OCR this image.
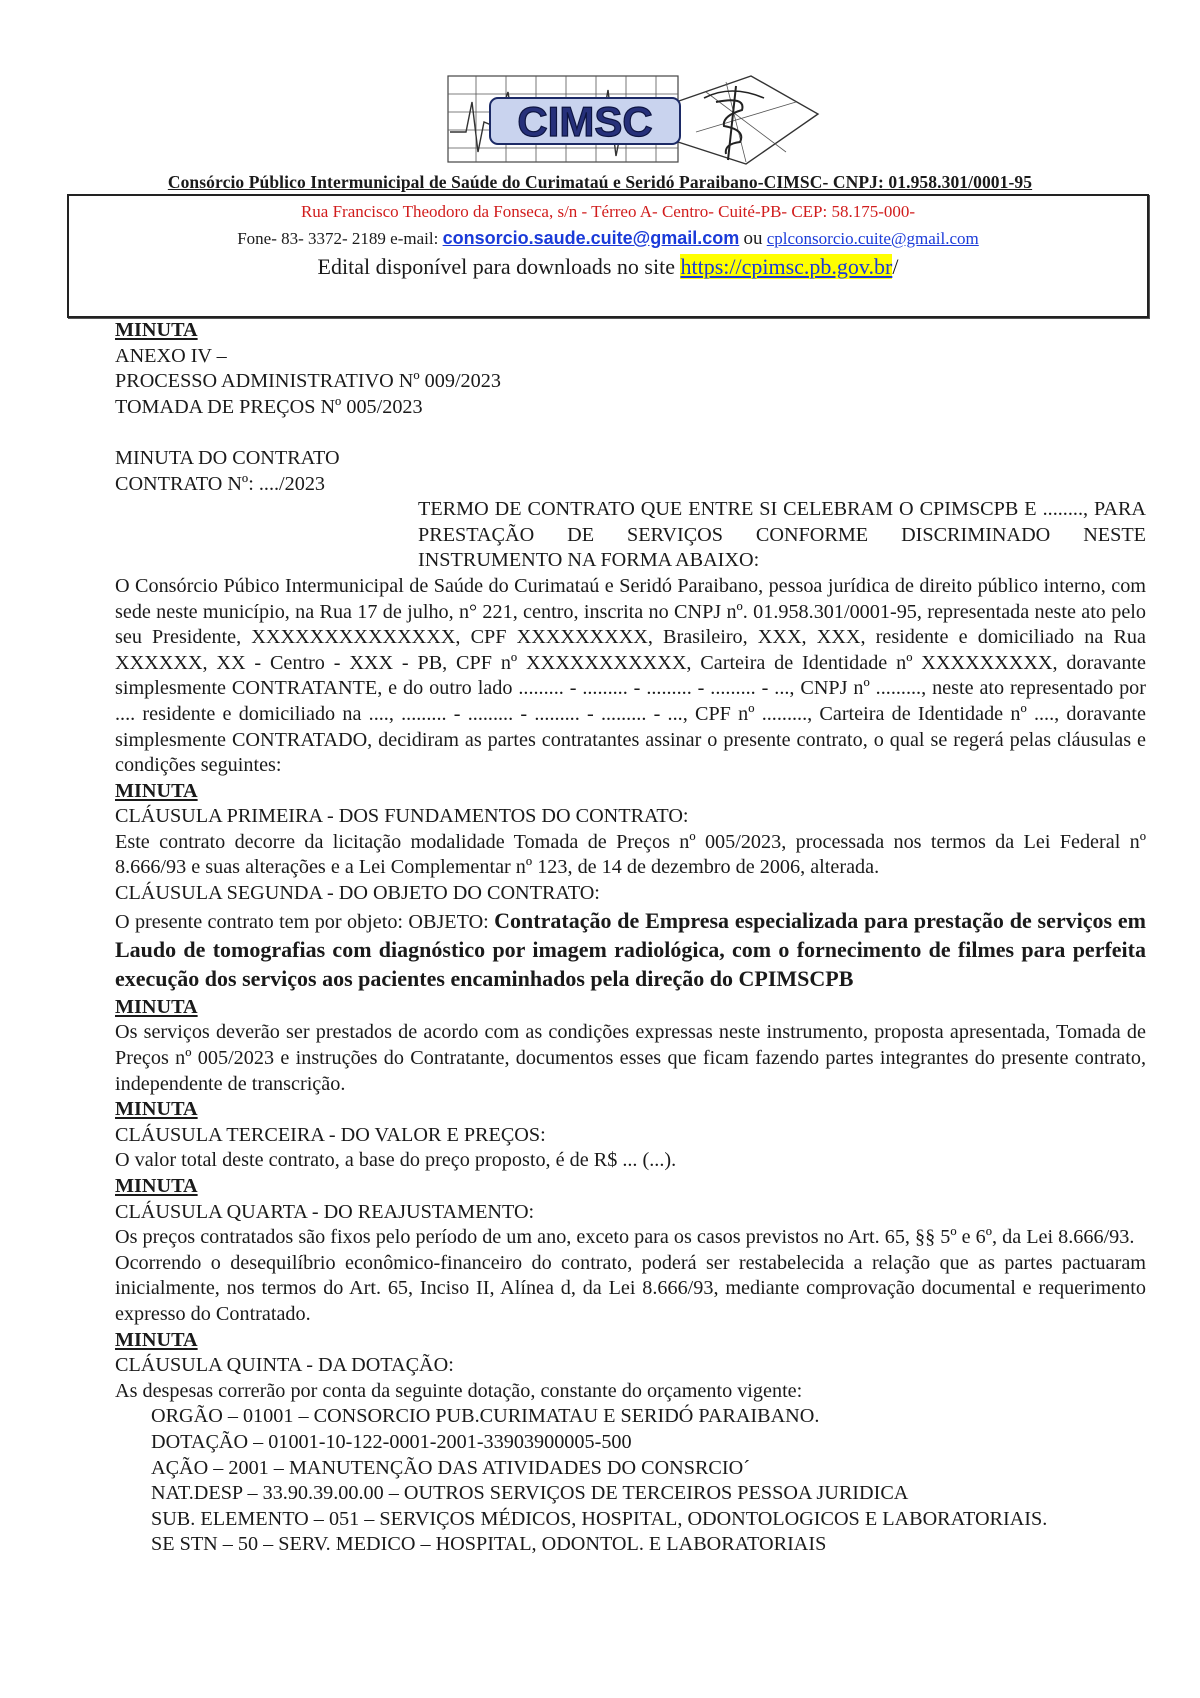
CIMSC
Consórcio Público Intermunicipal de Saúde do Curimataú e Seridó Paraibano-CIMSC- CNPJ: 01.958.301/0001-95
Rua Francisco Theodoro da Fonseca, s/n - Térreo A- Centro- Cuité-PB- CEP: 58.175-000-
Fone- 83- 3372- 2189 e-mail: consorcio.saude.cuite@gmail.com ou cplconsorcio.cuite@gmail.com
Edital disponível para downloads no site https://cpimsc.pb.gov.br/

MINUTA

ANEXO IV –

PROCESSO ADMINISTRATIVO Nº 009/2023

TOMADA DE PREÇOS Nº 005/2023

MINUTA DO CONTRATO

CONTRATO Nº: ..../2023

TERMO DE CONTRATO QUE ENTRE SI CELEBRAM O CPIMSCPB E ........, PARA PRESTAÇÃO DE SERVIÇOS CONFORME DISCRIMINADO NESTE INSTRUMENTO NA FORMA ABAIXO:

O Consórcio Púbico Intermunicipal de Saúde do Curimataú e Seridó Paraibano, pessoa jurídica de direito público interno, com sede neste município, na Rua 17 de julho, n° 221, centro, inscrita no CNPJ nº. 01.958.301/0001-95, representada neste ato pelo seu Presidente, XXXXXXXXXXXXXX, CPF XXXXXXXXX, Brasileiro, XXX, XXX, residente e domiciliado na Rua XXXXXX, XX - Centro - XXX - PB, CPF nº XXXXXXXXXXX, Carteira de Identidade nº XXXXXXXXX, doravante simplesmente CONTRATANTE, e do outro lado ......... - ......... - ......... - ......... - ..., CNPJ nº ........., neste ato representado por .... residente e domiciliado na ...., ......... - ......... - ......... - ......... - ..., CPF nº ........., Carteira de Identidade nº ...., doravante simplesmente CONTRATADO, decidiram as partes contratantes assinar o presente contrato, o qual se regerá pelas cláusulas e condições seguintes:

MINUTA

CLÁUSULA PRIMEIRA - DOS FUNDAMENTOS DO CONTRATO:

Este contrato decorre da licitação modalidade Tomada de Preços nº 005/2023, processada nos termos da Lei Federal nº 8.666/93 e suas alterações e a Lei Complementar nº 123, de 14 de dezembro de 2006, alterada.

CLÁUSULA SEGUNDA - DO OBJETO DO CONTRATO:

O presente contrato tem por objeto: OBJETO: Contratação de Empresa especializada para prestação de serviços em Laudo de tomografias com diagnóstico por imagem radiológica, com o fornecimento de filmes para perfeita execução dos serviços aos pacientes encaminhados pela direção do CPIMSCPB

MINUTA

Os serviços deverão ser prestados de acordo com as condições expressas neste instrumento, proposta apresentada, Tomada de Preços nº 005/2023 e instruções do Contratante, documentos esses que ficam fazendo partes integrantes do presente contrato, independente de transcrição.

MINUTA

CLÁUSULA TERCEIRA - DO VALOR E PREÇOS:

O valor total deste contrato, a base do preço proposto, é de R$ ... (...).

MINUTA

CLÁUSULA QUARTA - DO REAJUSTAMENTO:

Os preços contratados são fixos pelo período de um ano, exceto para os casos previstos no Art. 65, §§ 5º e 6º, da Lei 8.666/93.

Ocorrendo o desequilíbrio econômico-financeiro do contrato, poderá ser restabelecida a relação que as partes pactuaram inicialmente, nos termos do Art. 65, Inciso II, Alínea d, da Lei 8.666/93, mediante comprovação documental e requerimento expresso do Contratado.

MINUTA

CLÁUSULA QUINTA - DA DOTAÇÃO:

As despesas correrão por conta da seguinte dotação, constante do orçamento vigente:

ORGÃO – 01001 – CONSORCIO PUB.CURIMATAU E SERIDÓ PARAIBANO.

DOTAÇÃO – 01001-10-122-0001-2001-33903900005-500

AÇÃO – 2001 – MANUTENÇÃO DAS ATIVIDADES DO CONSRCIO´

NAT.DESP – 33.90.39.00.00 – OUTROS SERVIÇOS DE TERCEIROS PESSOA JURIDICA

SUB. ELEMENTO – 051 – SERVIÇOS MÉDICOS, HOSPITAL, ODONTOLOGICOS E LABORATORIAIS.

SE STN – 50 – SERV. MEDICO – HOSPITAL, ODONTOL. E LABORATORIAIS
